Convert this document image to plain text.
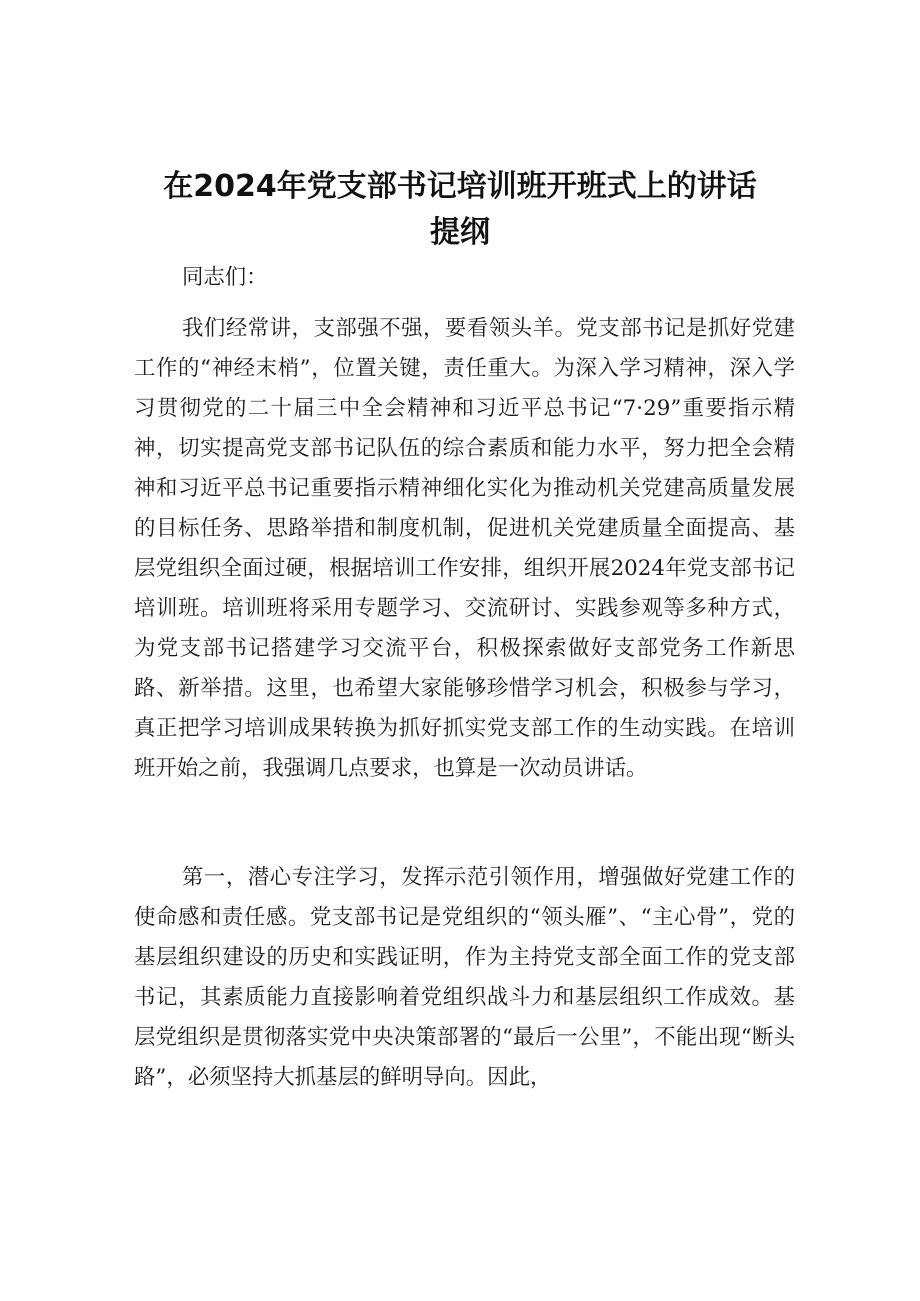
在2024年党支部书记培训班开班式上的讲话提纲

同志们：

我们经常讲，支部强不强，要看领头羊。党支部书记是抓好党建工作的“神经末梢”，位置关键，责任重大。为深入学习精神，深入学习贯彻党的二十届三中全会精神和习近平总书记“7·29”重要指示精神，切实提高党支部书记队伍的综合素质和能力水平，努力把全会精神和习近平总书记重要指示精神细化实化为推动机关党建高质量发展的目标任务、思路举措和制度机制，促进机关党建质量全面提高、基层党组织全面过硬，根据培训工作安排，组织开展2024年党支部书记培训班。培训班将采用专题学习、交流研讨、实践参观等多种方式，为党支部书记搭建学习交流平台，积极探索做好支部党务工作新思路、新举措。这里，也希望大家能够珍惜学习机会，积极参与学习，真正把学习培训成果转换为抓好抓实党支部工作的生动实践。在培训班开始之前，我强调几点要求，也算是一次动员讲话。

第一，潜心专注学习，发挥示范引领作用，增强做好党建工作的使命感和责任感。党支部书记是党组织的“领头雁”、“主心骨”，党的基层组织建设的历史和实践证明，作为主持党支部全面工作的党支部书记，其素质能力直接影响着党组织战斗力和基层组织工作成效。基层党组织是贯彻落实党中央决策部署的“最后一公里”，不能出现“断头路”，必须坚持大抓基层的鲜明导向。因此，
